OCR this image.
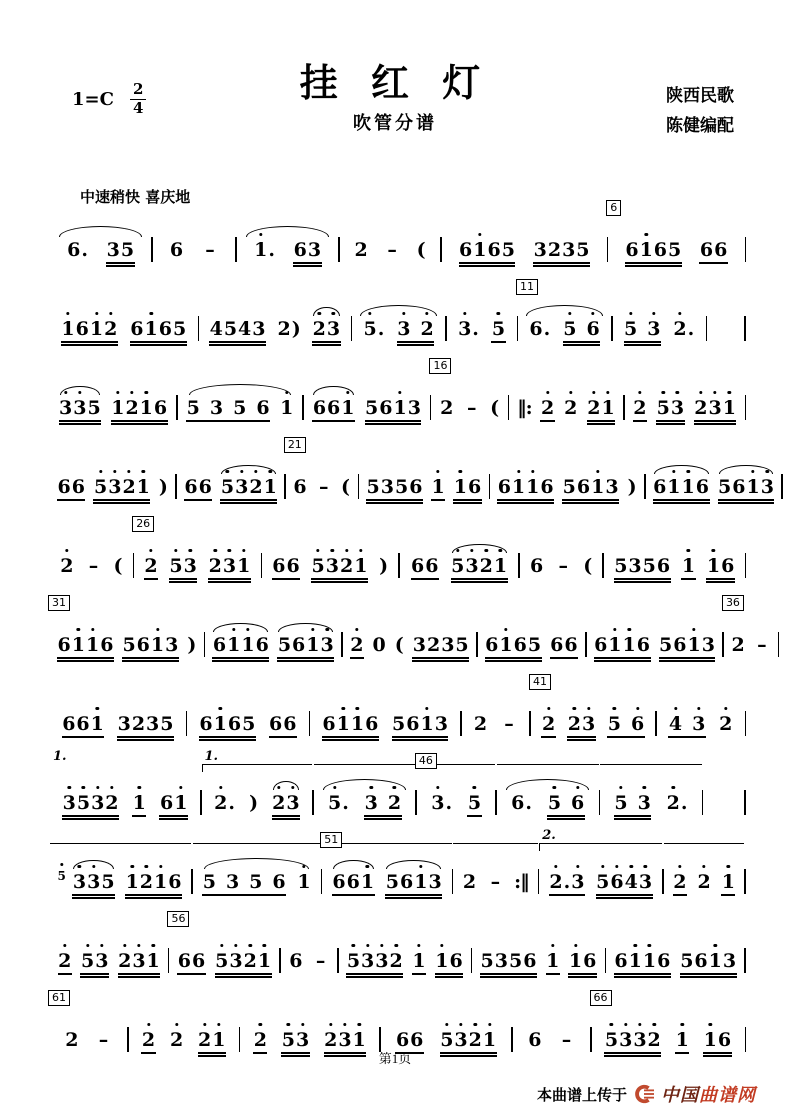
$1=C \frac{2}{4}$	挂 红 灯
吹管分谱
陕西民歌
陈健编配
中速稍快 喜庆地
6. 35 6 – 1. 63 2 – ( 6165 3235
6
6165 66
1612 6165 4543 2) 23 5. 3 2 3. 5
11
6. 5 6 5 3 2.
335 1216 5 3 5 6 1 661 5613
16
2 – ( ‖: 2 2 21 2 53 231
66 5321 ) 66 5321
21
6 – ( 5356 1 16 6116 5613 ) 6116 5613
2 – (
26
2 53 231 66 5321 ) 66 5321 6 – ( 5356 1 16
31
6116 5613 ) 6116 5613 2 0 ( 3235 6165 66 6116 5613
36
2 –
661 3235 6165 66 6116 5613 2 –
41
2 23 5 6 4 3 2
1.
3532 1 61
1.
2. ) 23 5. 3 2
46
3. 5 6. 5 6 5 3 2.
5 335 1216 5 3 5 6 1
51
661 5613 2 – :‖
2.
2.3 5643 2 2 1
2 53 231
56
66 5321 6 – 5332 1 16 5356 1 16 6116 5613
61
2 – 2 2 21 2 53 231 66 5321 6 –
66
5332 1 16
第1页
本曲谱上传于 中国曲谱网
